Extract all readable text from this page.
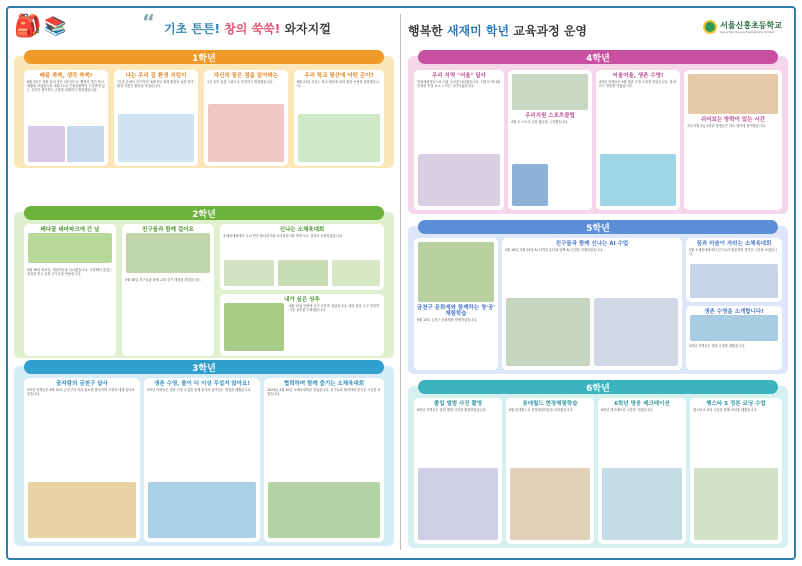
“ 기초 튼튼! 창의 쑥쑥! 와자지껄
🎒 📚
1학년
배움 쑥쑥, 생각 쑥쑥!

6월 3일은 책을 읽어 감은 다독왕으로 뽑혀서 멋진 학교 생활을 보냈습니다. 6월 11일 곤충관찰하여 우리반에 있는 우리가 좋아하는 곤충을 관찰하고 발표했습니다.

나는 우리 집 환경 지킴이

"우리 손에서 지구까지" 6월 5일 세계 환경의 날을 맞아 환경 지킴이 활동을 하였습니다.

자신의 꿈은 점을 알아봐는

1년 동안 꿈을 그림으로 표현하고 발표했습니다.

우리 학교 뒷산에 어떤 곤이?

6월 21일 우리는 학교 뒷산에 올라 꽃과 곤충을 관찰했습니다.

2학년
배다골 테마파크에 간 날

4월 18일 화요일, 체험학습을 다녀왔습니다. 도착해서 맛있는 점심을 먹고 동물 친구들을 만났습니다.

친구들과 함께 걸어요

5월 30일 친구들과 함께 교내 걷기 대회를 하였습니다.

신나는 소체육대회

소체육대회에서 우리 반은 줄다리기와 이어달리기를 하며 모두 열심히 응원하였습니다.

내가 심은 상추

4월 11일 텃밭에 상추 모종을 심었습니다. 매일 물을 주고 정성껏 키운 상추를 수확했습니다.

3학년
꿈자람의 금천구 답사

3학년 학생들은 6월 20일 금천구의 여러 장소를 답사하며 고장에 대해 알아보았습니다.

생존 수영, 물이 더 이상 무섭지 않아요!

3학년 학생들은 생존 수영 수업을 통해 물에서 살아남는 방법을 배웠습니다.

협력하며 함께 즐기는 소체육대회

2024년 4월 30일 소체육대회를 열었습니다. 친구들과 협력하며 즐거운 시간을 보냈습니다.

행복한 새재미 학년 교육과정 운영	서울신흥초등학교
Seoul Sin Heung Elementary School
4학년
우리 지역 "서울" 답사

현장체험학습으로 서울 곳곳을 다녀왔습니다. 서울의 역사와 문화를 직접 보고 느끼는 시간이었습니다.

우리지원 스포츠클럽

4월 초 스포츠 클럽 활동을 시작했습니다.

어울어울, 생존 수영!

4학년 학생들은 4월 생존 수영 교육을 받았습니다. 물에 뜨는 방법을 익혔습니다.

쉬어보는 방학이 있는 시간

지난 5월 2일 4학년 학생들은 학교 행사에 참여했습니다.

5학년
금천구 문화재와 함께하는 창'공' 체험학습

6월 14일 금천구 문화재를 탐방하였습니다.

친구들과 함께 신나는 AI 수업

4월 16일, 5월 29일 AI 디지털 튜터와 함께 AI 수업을 진행하였습니다.

꿈과 미술이 자라는 소체육대회

5월 소체육대회에서 친구들과 협동하며 즐거운 시간을 보냈습니다.

생존 수영을 소개합니다!

5학년 학생들은 생존 수영을 배웠습니다.

6학년
졸업 앨범 사진 촬영

6학년 학생들은 졸업 앨범 사진을 촬영하였습니다.

롯데월드 현장체험학습

6월 롯데월드로 현장체험학습을 다녀왔습니다.

6학년 영웅 레크레이션

6학년 레크레이션 시간을 가졌습니다.

행스타 S 정본 코딩 수업

행스타 S 코딩 수업을 통해 코딩을 배웠습니다.
